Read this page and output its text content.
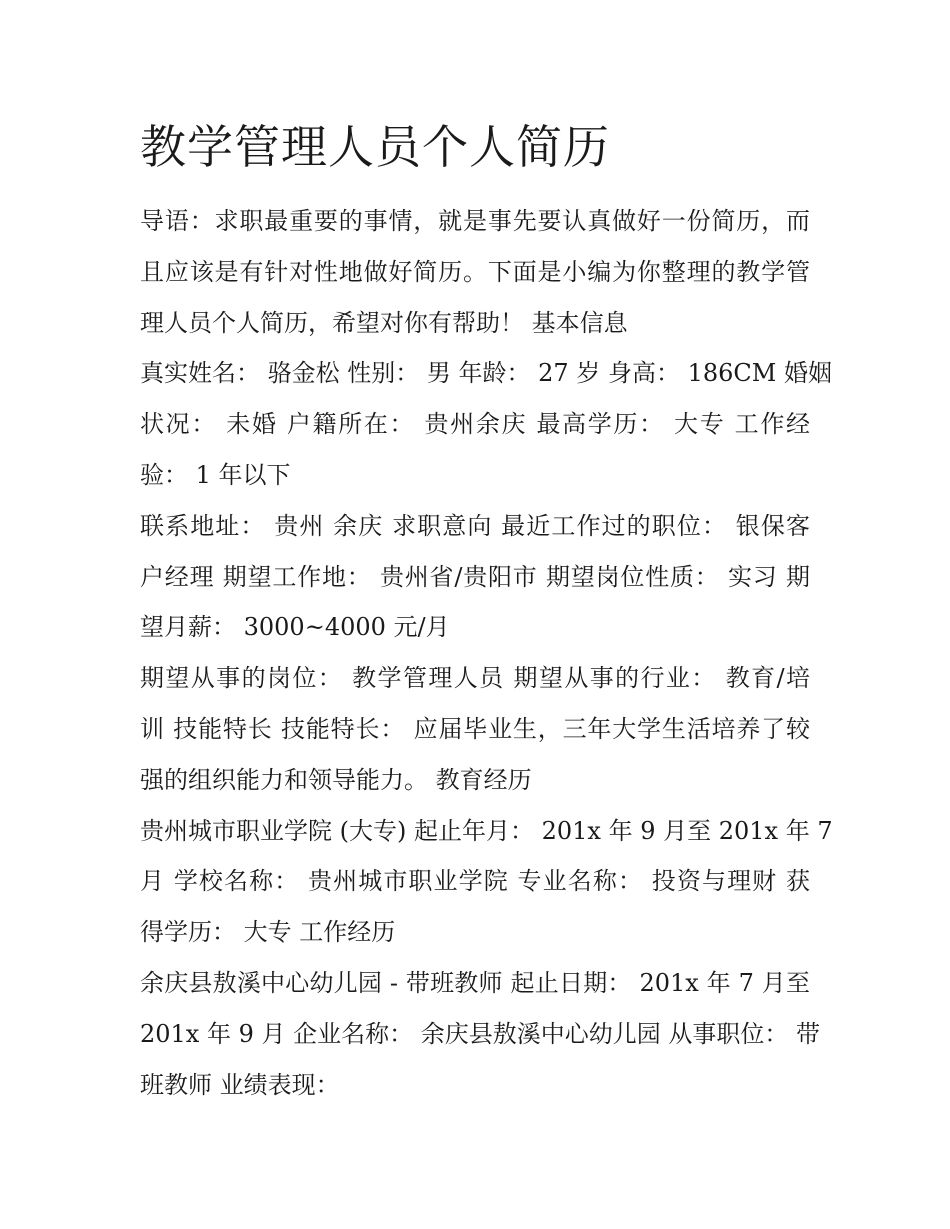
教学管理人员个人简历
导语：求职最重要的事情，就是事先要认真做好一份简历，而
且应该是有针对性地做好简历。下面是小编为你整理的教学管
理人员个人简历，希望对你有帮助！ 基本信息
真实姓名： 骆金松 性别： 男 年龄： 27 岁 身高： 186CM 婚姻
状况： 未婚 户籍所在： 贵州余庆 最高学历： 大专 工作经
验： 1 年以下
联系地址： 贵州 余庆 求职意向 最近工作过的职位： 银保客
户经理 期望工作地： 贵州省/贵阳市 期望岗位性质： 实习 期
望月薪： 3000~4000 元/月
期望从事的岗位： 教学管理人员 期望从事的行业： 教育/培
训 技能特长 技能特长： 应届毕业生，三年大学生活培养了较
强的组织能力和领导能力。 教育经历
贵州城市职业学院 (大专) 起止年月： 201x 年 9 月至 201x 年 7
月 学校名称： 贵州城市职业学院 专业名称： 投资与理财 获
得学历： 大专 工作经历
余庆县敖溪中心幼儿园 - 带班教师 起止日期： 201x 年 7 月至
201x 年 9 月 企业名称： 余庆县敖溪中心幼儿园 从事职位： 带
班教师 业绩表现：
